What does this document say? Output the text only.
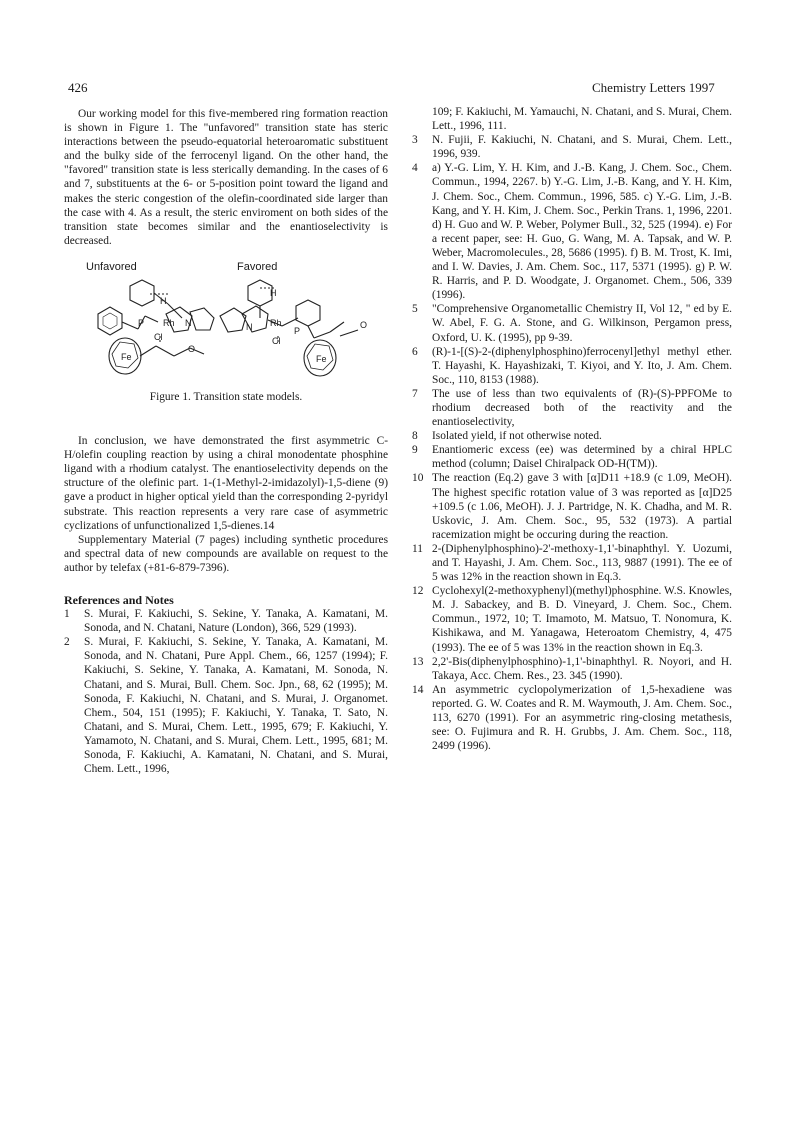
426	Chemistry Letters 1997

Our working model for this five-membered ring formation reaction is shown in Figure 1. The "unfavored" transition state has steric interactions between the pseudo-equatorial heteroaromatic substituent and the bulky side of the ferrocenyl ligand. On the other hand, the "favored" transition state is less sterically demanding. In the cases of 6 and 7, substituents at the 6- or 5-position point toward the ligand and makes the steric congestion of the olefin-coordinated side larger than the case with 4. As a result, the steric enviroment on both sides of the transition state becomes similar and the enantioselectivity is decreased.

Unfavored	Favored
H
P Rh N
Cl
O
Fe
H
N Rh
P
Cl
O
Fe

Figure 1. Transition state models.

In conclusion, we have demonstrated the first asymmetric C-H/olefin coupling reaction by using a chiral monodentate phosphine ligand with a rhodium catalyst. The enantioselectivity depends on the structure of the olefinic part. 1-(1-Methyl-2-imidazolyl)-1,5-diene (9) gave a product in higher optical yield than the corresponding 2-pyridyl substrate. This reaction represents a very rare case of asymmetric cyclizations of unfunctionalized 1,5-dienes.14

Supplementary Material (7 pages) including synthetic procedures and spectral data of new compounds are available on request to the author by telefax (+81-6-879-7396).

References and Notes

1	S. Murai, F. Kakiuchi, S. Sekine, Y. Tanaka, A. Kamatani, M. Sonoda, and N. Chatani, Nature (London), 366, 529 (1993).
2	S. Murai, F. Kakiuchi, S. Sekine, Y. Tanaka, A. Kamatani, M. Sonoda, and N. Chatani, Pure Appl. Chem., 66, 1257 (1994); F. Kakiuchi, S. Sekine, Y. Tanaka, A. Kamatani, M. Sonoda, N. Chatani, and S. Murai, Bull. Chem. Soc. Jpn., 68, 62 (1995); M. Sonoda, F. Kakiuchi, N. Chatani, and S. Murai, J. Organomet. Chem., 504, 151 (1995); F. Kakiuchi, Y. Tanaka, T. Sato, N. Chatani, and S. Murai, Chem. Lett., 1995, 679; F. Kakiuchi, Y. Yamamoto, N. Chatani, and S. Murai, Chem. Lett., 1995, 681; M. Sonoda, F. Kakiuchi, A. Kamatani, N. Chatani, and S. Murai, Chem. Lett., 1996,

109; F. Kakiuchi, M. Yamauchi, N. Chatani, and S. Murai, Chem. Lett., 1996, 111.

3	N. Fujii, F. Kakiuchi, N. Chatani, and S. Murai, Chem. Lett., 1996, 939.
4	a) Y.-G. Lim, Y. H. Kim, and J.-B. Kang, J. Chem. Soc., Chem. Commun., 1994, 2267. b) Y.-G. Lim, J.-B. Kang, and Y. H. Kim, J. Chem. Soc., Chem. Commun., 1996, 585. c) Y.-G. Lim, J.-B. Kang, and Y. H. Kim, J. Chem. Soc., Perkin Trans. 1, 1996, 2201. d) H. Guo and W. P. Weber, Polymer Bull., 32, 525 (1994). e) For a recent paper, see: H. Guo, G. Wang, M. A. Tapsak, and W. P. Weber, Macromolecules., 28, 5686 (1995). f) B. M. Trost, K. Imi, and I. W. Davies, J. Am. Chem. Soc., 117, 5371 (1995). g) P. W. R. Harris, and P. D. Woodgate, J. Organomet. Chem., 506, 339 (1996).
5	"Comprehensive Organometallic Chemistry II, Vol 12, " ed by E. W. Abel, F. G. A. Stone, and G. Wilkinson, Pergamon press, Oxford, U. K. (1995), pp 9-39.
6	(R)-1-[(S)-2-(diphenylphosphino)ferrocenyl]ethyl methyl ether. T. Hayashi, K. Hayashizaki, T. Kiyoi, and Y. Ito, J. Am. Chem. Soc., 110, 8153 (1988).
7	The use of less than two equivalents of (R)-(S)-PPFOMe to rhodium decreased both of the reactivity and the enantioselectivity,
8	Isolated yield, if not otherwise noted.
9	Enantiomeric excess (ee) was determined by a chiral HPLC method (column; Daisel Chiralpack OD-H(TM)).
10 The reaction (Eq.2) gave 3 with [α]D11 +18.9 (c 1.09, MeOH). The highest specific rotation value of 3 was reported as [α]D25 +109.5 (c 1.06, MeOH). J. J. Partridge, N. K. Chadha, and M. R. Uskovic, J. Am. Chem. Soc., 95, 532 (1973). A partial racemization might be occuring during the reaction.
11 2-(Diphenylphosphino)-2'-methoxy-1,1'-binaphthyl. Y. Uozumi, and T. Hayashi, J. Am. Chem. Soc., 113, 9887 (1991). The ee of 5 was 12% in the reaction shown in Eq.3.
12 Cyclohexyl(2-methoxyphenyl)(methyl)phosphine. W.S. Knowles, M. J. Sabackey, and B. D. Vineyard, J. Chem. Soc., Chem. Commun., 1972, 10; T. Imamoto, M. Matsuo, T. Nonomura, K. Kishikawa, and M. Yanagawa, Heteroatom Chemistry, 4, 475 (1993). The ee of 5 was 13% in the reaction shown in Eq.3.
13 2,2'-Bis(diphenylphosphino)-1,1'-binaphthyl. R. Noyori, and H. Takaya, Acc. Chem. Res., 23. 345 (1990).
14 An asymmetric cyclopolymerization of 1,5-hexadiene was reported. G. W. Coates and R. M. Waymouth, J. Am. Chem. Soc., 113, 6270 (1991). For an asymmetric ring-closing metathesis, see: O. Fujimura and R. H. Grubbs, J. Am. Chem. Soc., 118, 2499 (1996).
